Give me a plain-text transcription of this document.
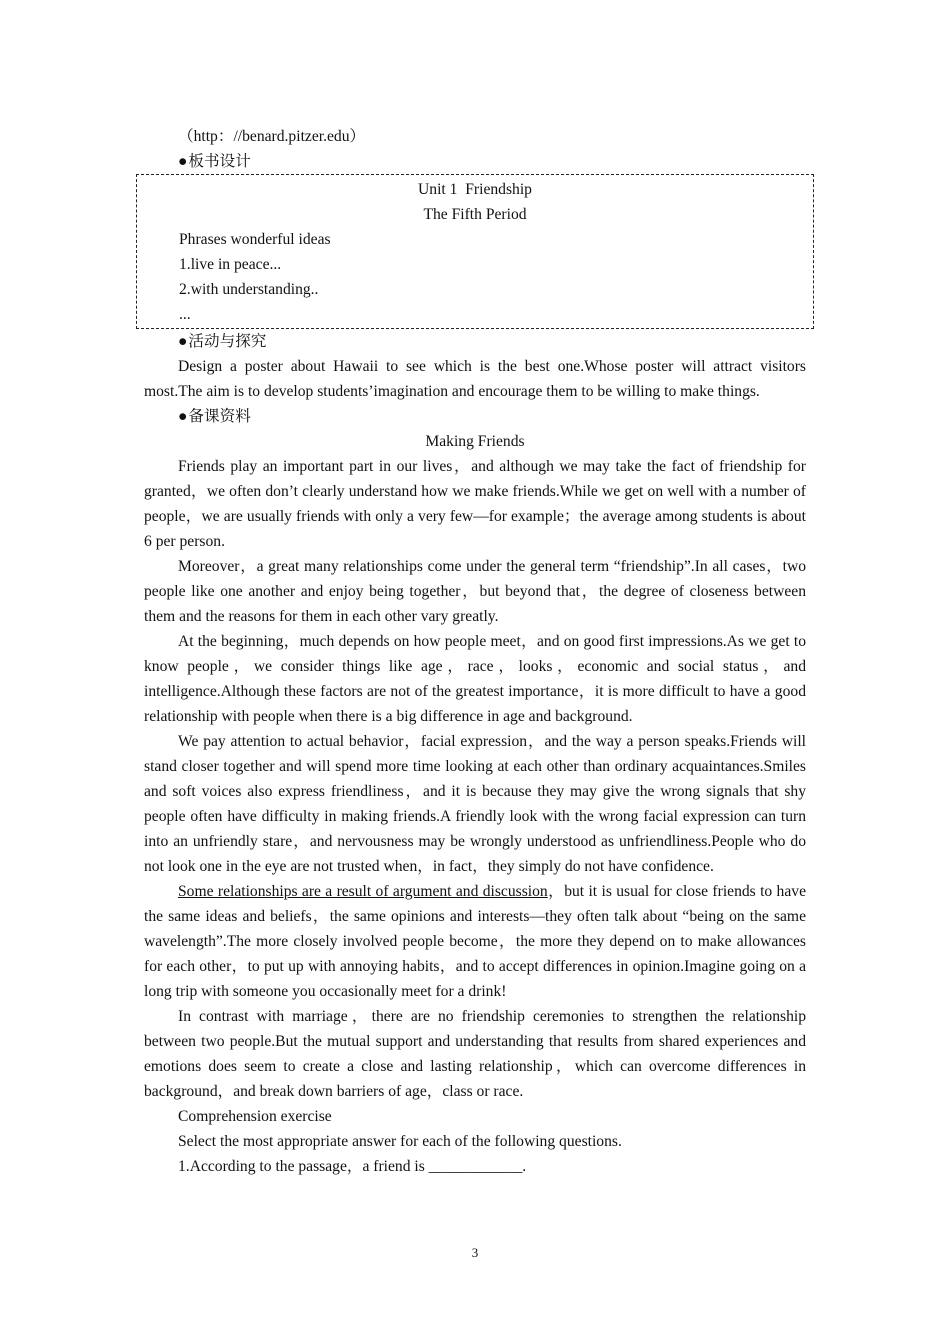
（http：//benard.pitzer.edu）

●板书设计

Unit 1  Friendship

The Fifth Period

Phrases wonderful ideas

1.live in peace...

2.with understanding..

...

●活动与探究

Design a poster about Hawaii to see which is the best one.Whose poster will attract visitors most.The aim is to develop students’imagination and encourage them to be willing to make things.

●备课资料

Making Friends

Friends play an important part in our lives，and although we may take the fact of friendship for granted，we often don’t clearly understand how we make friends.While we get on well with a number of people，we are usually friends with only a very few—for example；the average among students is about 6 per person.

Moreover，a great many relationships come under the general term “friendship”.In all cases，two people like one another and enjoy being together，but beyond that，the degree of closeness between them and the reasons for them in each other vary greatly.

At the beginning，much depends on how people meet，and on good first impressions.As we get to know people，we consider things like age，race，looks，economic and social status，and intelligence.Although these factors are not of the greatest importance，it is more difficult to have a good relationship with people when there is a big difference in age and background.

We pay attention to actual behavior，facial expression，and the way a person speaks.Friends will stand closer together and will spend more time looking at each other than ordinary acquaintances.Smiles and soft voices also express friendliness，and it is because they may give the wrong signals that shy people often have difficulty in making friends.A friendly look with the wrong facial expression can turn into an unfriendly stare，and nervousness may be wrongly understood as unfriendliness.People who do not look one in the eye are not trusted when，in fact，they simply do not have confidence.

Some relationships are a result of argument and discussion，but it is usual for close friends to have the same ideas and beliefs，the same opinions and interests—they often talk about “being on the same wavelength”.The more closely involved people become，the more they depend on to make allowances for each other，to put up with annoying habits，and to accept differences in opinion.Imagine going on a long trip with someone you occasionally meet for a drink!

In contrast with marriage，there are no friendship ceremonies to strengthen the relationship between two people.But the mutual support and understanding that results from shared experiences and emotions does seem to create a close and lasting relationship，which can overcome differences in background，and break down barriers of age，class or race.

Comprehension exercise

Select the most appropriate answer for each of the following questions.

1.According to the passage，a friend is ____________.

3
